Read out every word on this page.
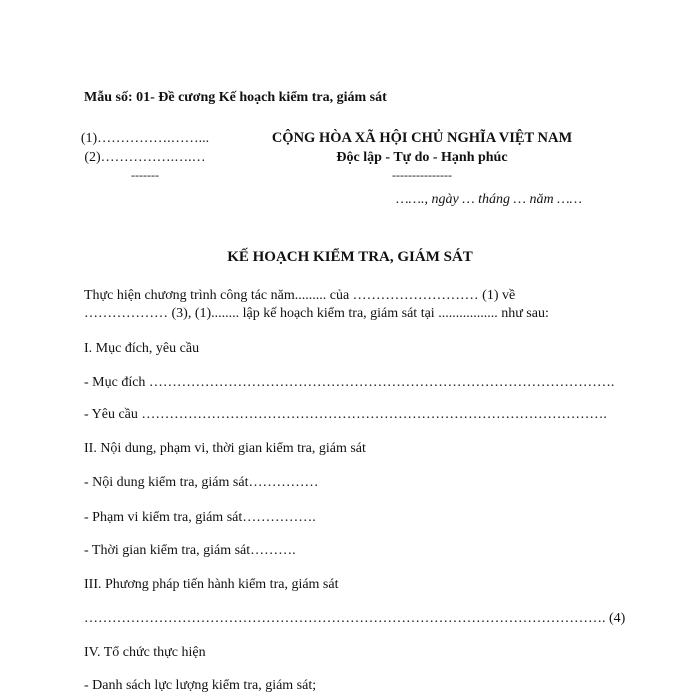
Mẫu số: 01- Đề cương Kế hoạch kiểm tra, giám sát
(1)…………….……...
(2)…………….….…
-------
CỘNG HÒA XÃ HỘI CHỦ NGHĨA VIỆT NAM
Độc lập - Tự do - Hạnh phúc
---------------
……., ngày … tháng … năm ……
KẾ HOẠCH KIỂM TRA, GIÁM SÁT
Thực hiện chương trình công tác năm......... của ……………………… (1) về
……………… (3), (1)........ lập kế hoạch kiểm tra, giám sát tại ................. như sau:
I. Mục đích, yêu cầu
- Mục đích ……………………………………………………………………………………….
- Yêu cầu ……………………………………………………………………………………….
II. Nội dung, phạm vi, thời gian kiểm tra, giám sát
- Nội dung kiểm tra, giám sát……………
- Phạm vi kiểm tra, giám sát…………….
- Thời gian kiểm tra, giám sát……….
III. Phương pháp tiến hành kiểm tra, giám sát
…………………………………………………………………………………………………. (4)
IV. Tổ chức thực hiện
- Danh sách lực lượng kiểm tra, giám sát;
